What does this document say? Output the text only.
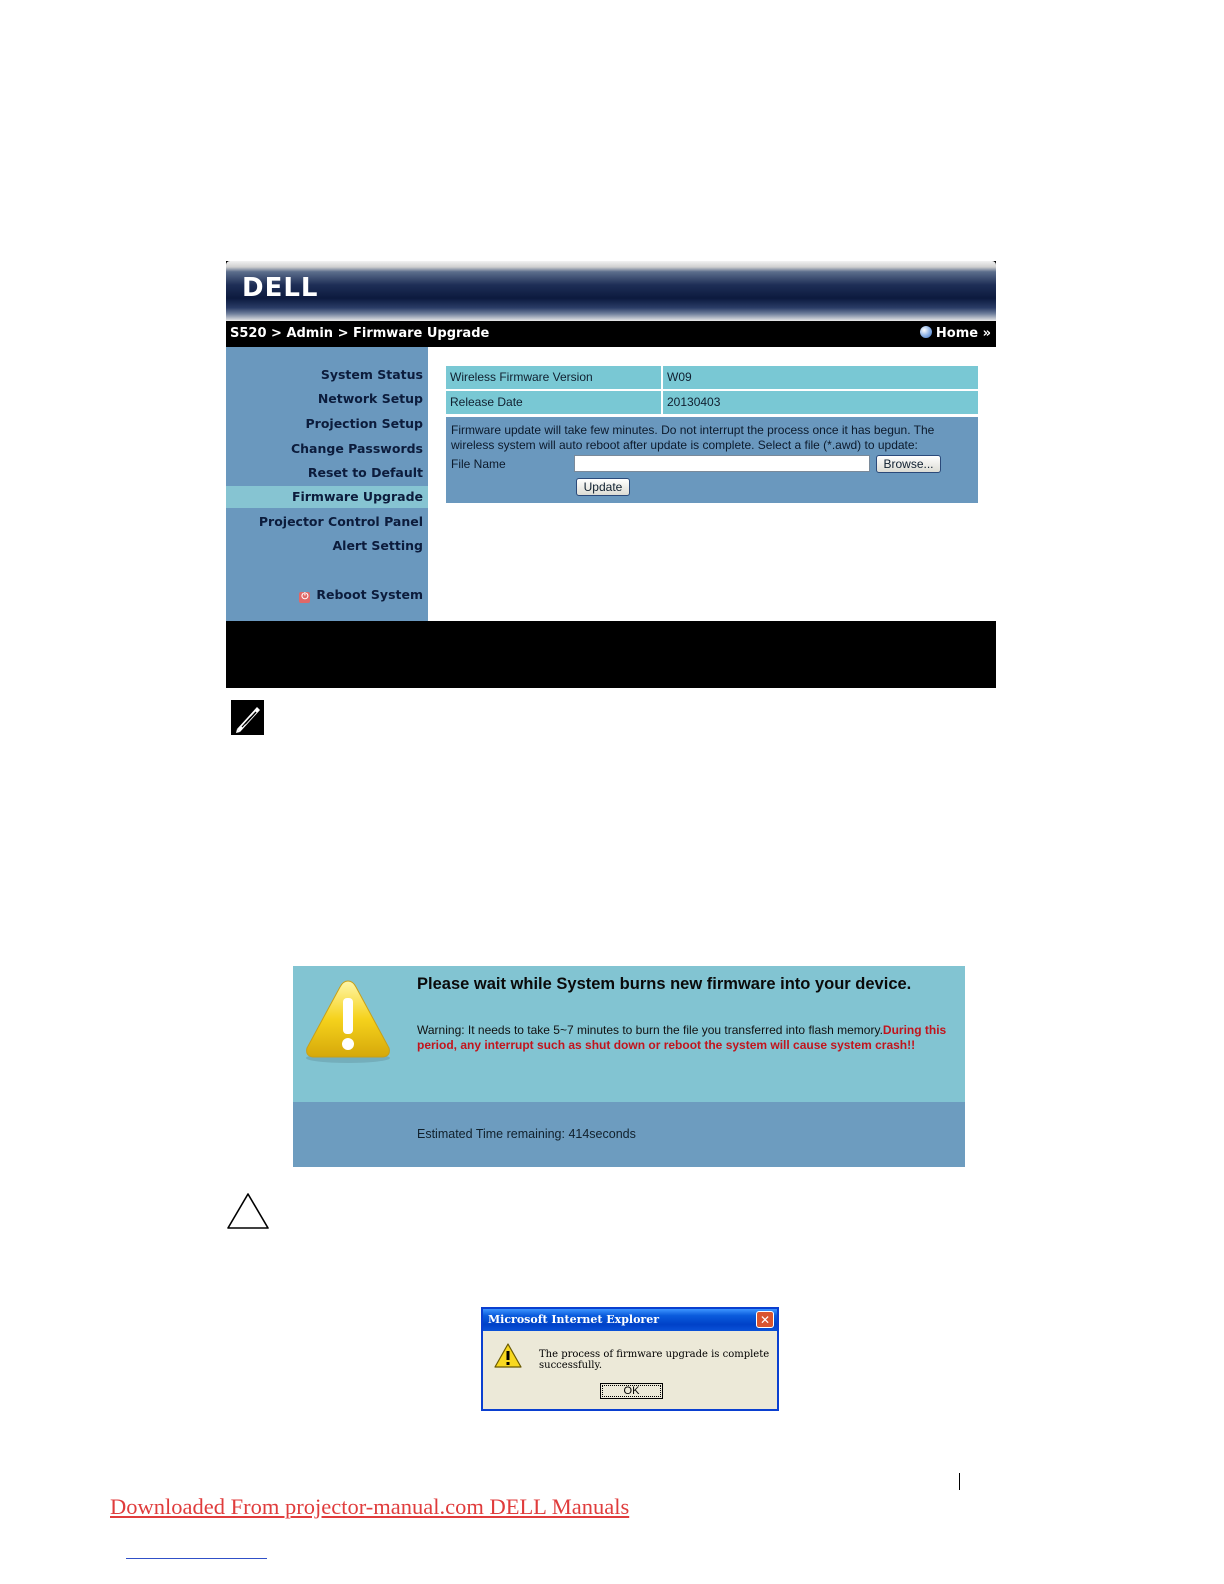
DELL
S520 > Admin > Firmware Upgrade	Home »
System Status
Network Setup
Projection Setup
Change Passwords
Reset to Default
Firmware Upgrade
Projector Control Panel
Alert Setting
⏻ Reboot System
Wireless Firmware Version	W09
Release Date	20130403
Firmware update will take few minutes. Do not interrupt the process once it has begun. The wireless system will auto reboot after update is complete. Select a file (*.awd) to update:
File Name	Browse...
Update
Please wait while System burns new firmware into your device.
Warning: It needs to take 5~7 minutes to burn the file you transferred into flash memory.During this period, any interrupt such as shut down or reboot the system will cause system crash!!
Estimated Time remaining: 414seconds
Microsoft Internet Explorer	✕
The process of firmware upgrade is complete successfully.
OK
Downloaded From projector-manual.com DELL Manuals
